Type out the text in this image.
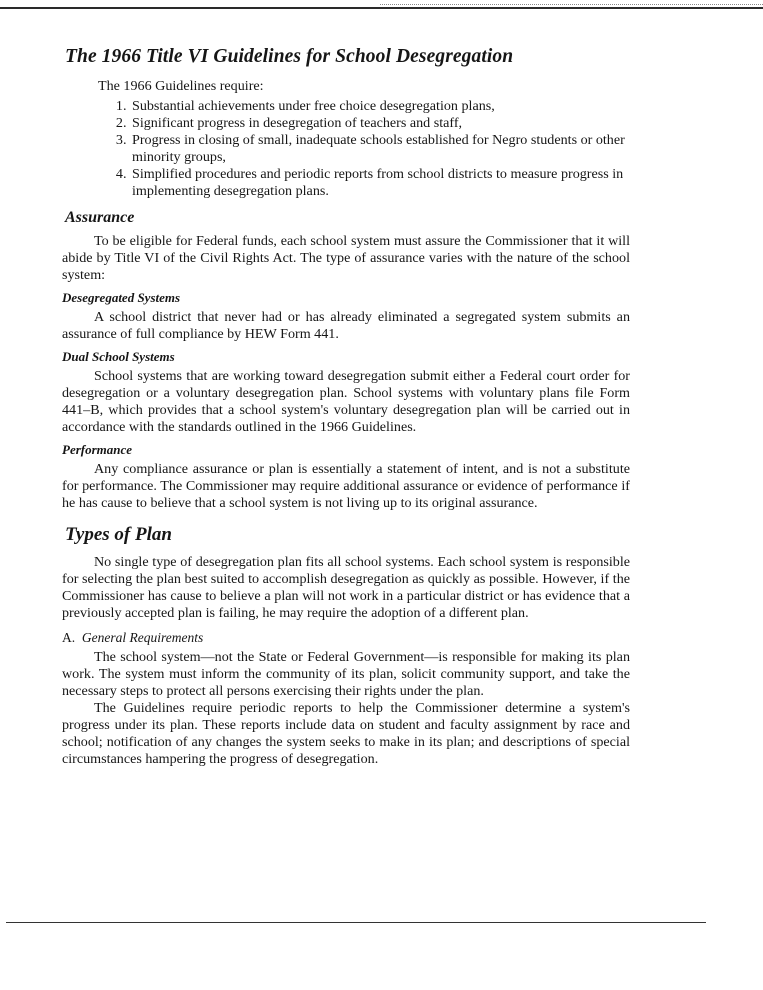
The 1966 Title VI Guidelines for School Desegregation

The 1966 Guidelines require:

1. Substantial achievements under free choice desegregation plans,
2. Significant progress in desegregation of teachers and staff,
3. Progress in closing of small, inadequate schools established for Negro students or other minority groups,
4. Simplified procedures and periodic reports from school districts to measure progress in implementing desegregation plans.
Assurance

To be eligible for Federal funds, each school system must assure the Commissioner that it will abide by Title VI of the Civil Rights Act. The type of assurance varies with the nature of the school system:

Desegregated Systems

A school district that never had or has already eliminated a segregated system submits an assurance of full compliance by HEW Form 441.

Dual School Systems

School systems that are working toward desegregation submit either a Federal court order for desegregation or a voluntary desegregation plan. School systems with voluntary plans file Form 441–B, which provides that a school system's voluntary desegregation plan will be carried out in accordance with the standards outlined in the 1966 Guidelines.

Performance

Any compliance assurance or plan is essentially a statement of intent, and is not a substitute for performance. The Commissioner may require additional assurance or evidence of performance if he has cause to believe that a school system is not living up to its original assurance.

Types of Plan

No single type of desegregation plan fits all school systems. Each school system is responsible for selecting the plan best suited to accomplish desegregation as quickly as possible. However, if the Commissioner has cause to believe a plan will not work in a particular district or has evidence that a previously accepted plan is failing, he may require the adoption of a different plan.

A.  General Requirements

The school system—not the State or Federal Government—is responsible for making its plan work. The system must inform the community of its plan, solicit community support, and take the necessary steps to protect all persons exercising their rights under the plan.

The Guidelines require periodic reports to help the Commissioner determine a system's progress under its plan. These reports include data on student and faculty assignment by race and school; notification of any changes the system seeks to make in its plan; and descriptions of special circumstances hampering the progress of desegregation.
